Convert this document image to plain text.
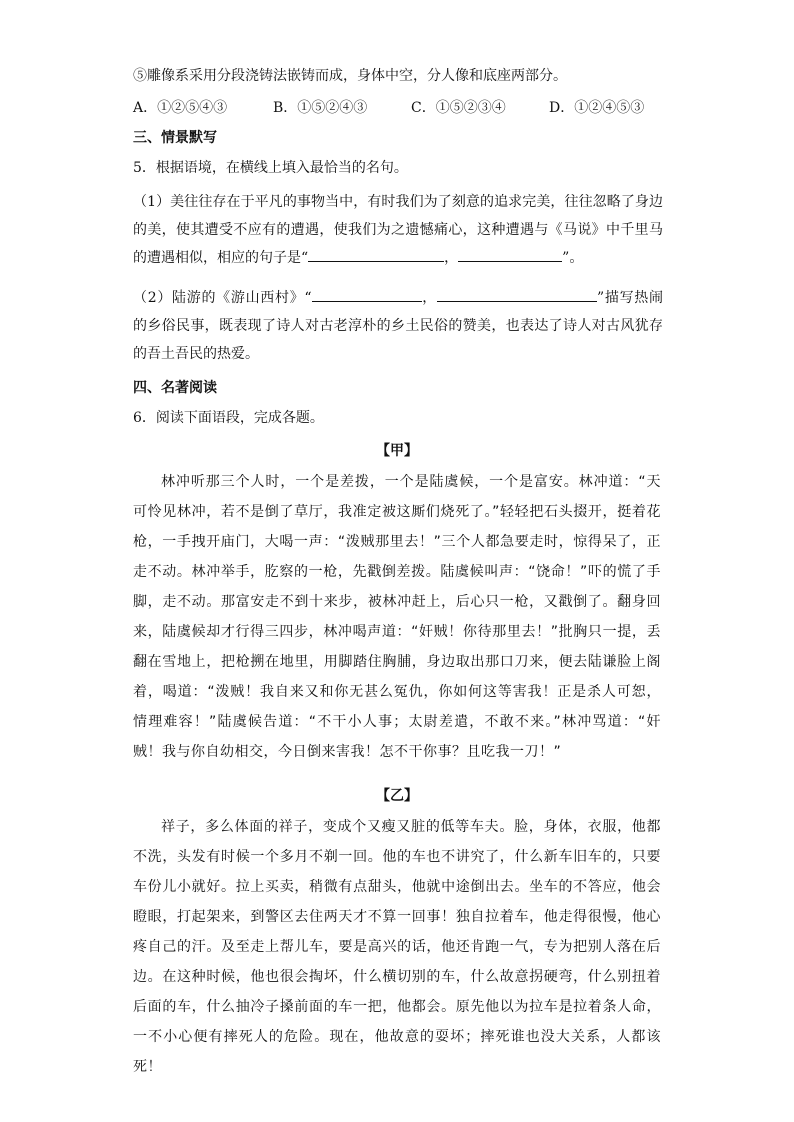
⑤雕像系采用分段浇铸法嵌铸而成，身体中空，分人像和底座两部分。
A．①②⑤④③	B．①⑤②④③	C．①⑤②③④	D．①②④⑤③
三、情景默写
5．根据语境，在横线上填入最恰当的名句。
（1）美往往存在于平凡的事物当中，有时我们为了刻意的追求完美，往往忽略了身边的美，使其遭受不应有的遭遇，使我们为之遗憾痛心，这种遭遇与《马说》中千里马的遭遇相似，相应的句子是“	，	”。
（2）陆游的《游山西村》“	，	”描写热闹的乡俗民事，既表现了诗人对古老淳朴的乡土民俗的赞美，也表达了诗人对古风犹存的吾土吾民的热爱。
四、名著阅读
6．阅读下面语段，完成各题。
【甲】
林冲听那三个人时，一个是差拨，一个是陆虞候，一个是富安。林冲道：“天可怜见林冲，若不是倒了草厅，我准定被这厮们烧死了。”轻轻把石头掇开，挺着花枪，一手拽开庙门，大喝一声：“泼贼那里去！”三个人都急要走时，惊得呆了，正走不动。林冲举手，肐察的一枪，先戳倒差拨。陆虞候叫声：“饶命！”吓的慌了手脚，走不动。那富安走不到十来步，被林冲赶上，后心只一枪，又戳倒了。翻身回来，陆虞候却才行得三四步，林冲喝声道：“奸贼！你待那里去！”批胸只一提，丢翻在雪地上，把枪搠在地里，用脚踏住胸脯，身边取出那口刀来，便去陆谦脸上阁着，喝道：“泼贼！我自来又和你无甚么冤仇，你如何这等害我！正是杀人可恕，情理难容！”陆虞候告道：“不干小人事；太尉差遣，不敢不来。”林冲骂道：“奸贼！我与你自幼相交，今日倒来害我！怎不干你事？且吃我一刀！”
【乙】
祥子，多么体面的祥子，变成个又瘦又脏的低等车夫。脸，身体，衣服，他都不洗，头发有时候一个多月不剃一回。他的车也不讲究了，什么新车旧车的，只要车份儿小就好。拉上买卖，稍微有点甜头，他就中途倒出去。坐车的不答应，他会瞪眼，打起架来，到警区去住两天才不算一回事！独自拉着车，他走得很慢，他心疼自己的汗。及至走上帮儿车，要是高兴的话，他还肯跑一气，专为把别人落在后边。在这种时候，他也很会掏坏，什么横切别的车，什么故意拐硬弯，什么别扭着后面的车，什么抽冷子搡前面的车一把，他都会。原先他以为拉车是拉着条人命，一不小心便有摔死人的危险。现在，他故意的耍坏；摔死谁也没大关系，人都该死！
